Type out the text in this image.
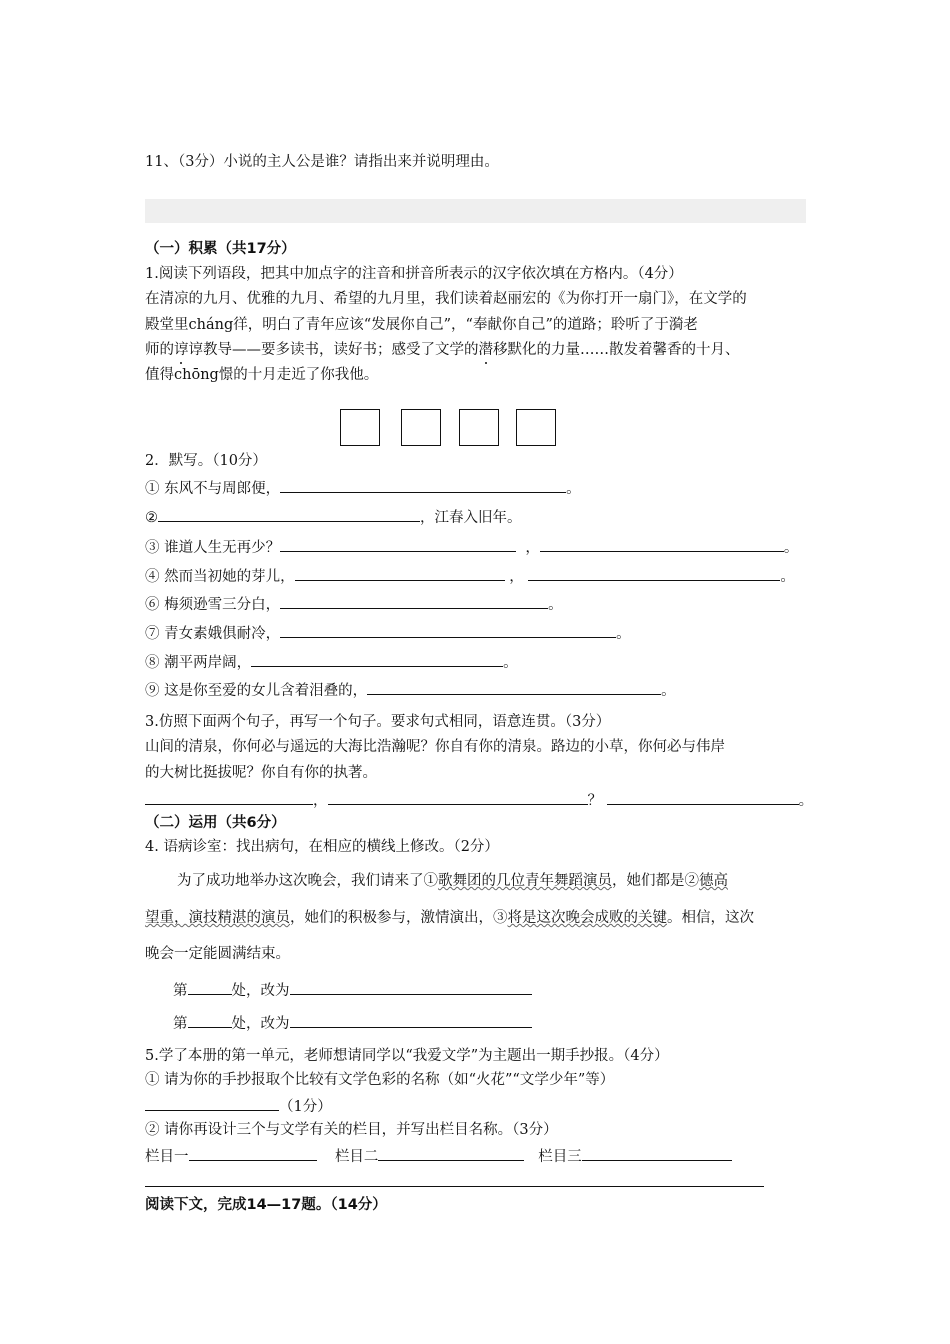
11、（3分）小说的主人公是谁？请指出来并说明理由。
（一）积累（共17分）
1.阅读下列语段，把其中加点字的注音和拼音所表示的汉字依次填在方格内。（4分）
在清凉的九月、优雅的九月、希望的九月里，我们读着赵丽宏的《为你打开一扇门》，在文学的
殿堂里cháng徉，明白了青年应该“发展你自己”，“奉献你自己”的道路；聆听了于漪老
师的谆谆教导——要多读书，读好书；感受了文学的潜移默化的力量……散发着馨香的十月、
值得chōng憬的十月走近了你我他。
2．默写。（10分）
① 东风不与周郎便，	。
②	，江春入旧年。
③ 谁道人生无再少？	，	。
④ 然而当初她的芽儿，	，	。
⑥ 梅须逊雪三分白，	。
⑦ 青女素娥俱耐冷，	。
⑧ 潮平两岸阔，	。
⑨ 这是你至爱的女儿含着泪叠的，	。
3.仿照下面两个句子，再写一个句子。要求句式相同，语意连贯。（3分）
山间的清泉，你何必与遥远的大海比浩瀚呢？你自有你的清泉。路边的小草，你何必与伟岸
的大树比挺拔呢？你自有你的执著。
，	？	。
（二）运用（共6分）
4. 语病诊室：找出病句，在相应的横线上修改。（2分）
为了成功地举办这次晚会，我们请来了①歌舞团的几位青年舞蹈演员，她们都是②德高
望重，演技精湛的演员，她们的积极参与，激情演出，③将是这次晚会成败的关键。相信，这次
晚会一定能圆满结束。
第	处，改为
第	处，改为
5.学了本册的第一单元，老师想请同学以“我爱文学”为主题出一期手抄报。（4分）
① 请为你的手抄报取个比较有文学色彩的名称（如“火花”“文学少年”等）
（1分）
② 请你再设计三个与文学有关的栏目，并写出栏目名称。（3分）
栏目一	栏目二	栏目三
阅读下文，完成14—17题。（14分）
